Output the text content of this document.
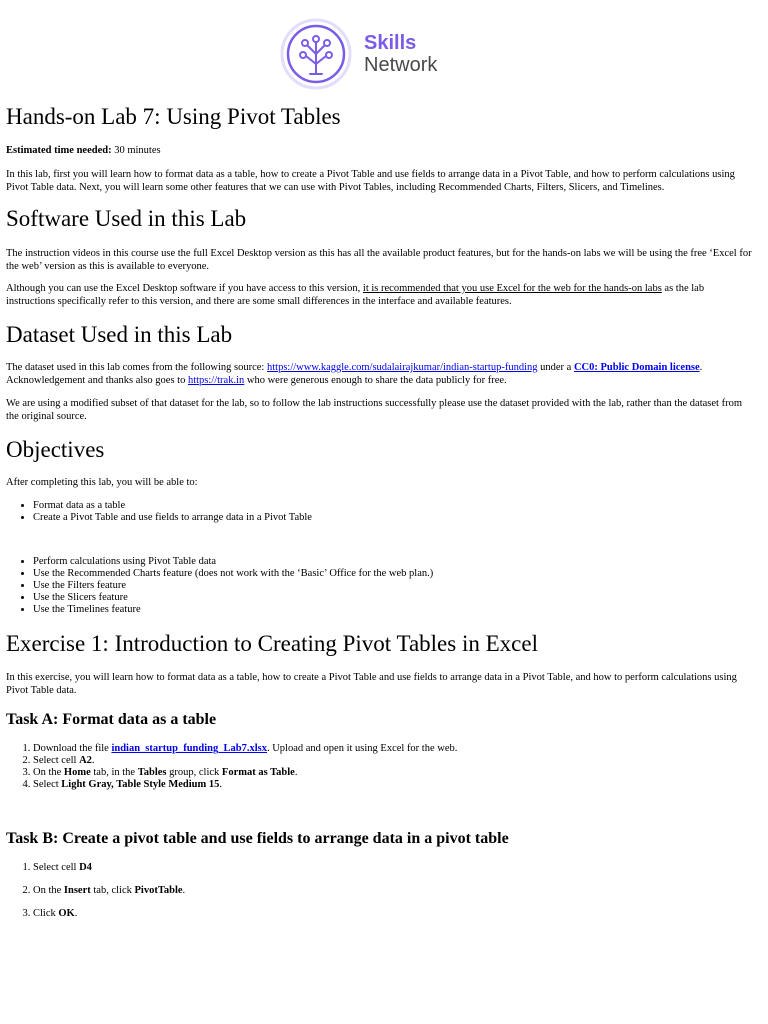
Skills
Network
Hands-on Lab 7: Using Pivot Tables

Estimated time needed: 30 minutes

In this lab, first you will learn how to format data as a table, how to create a Pivot Table and use fields to arrange data in a Pivot Table, and how to perform calculations using Pivot Table data. Next, you will learn some other features that we can use with Pivot Tables, including Recommended Charts, Filters, Slicers, and Timelines.

Software Used in this Lab

The instruction videos in this course use the full Excel Desktop version as this has all the available product features, but for the hands-on labs we will be using the free ‘Excel for the web’ version as this is available to everyone.

Although you can use the Excel Desktop software if you have access to this version, it is recommended that you use Excel for the web for the hands-on labs as the lab instructions specifically refer to this version, and there are some small differences in the interface and available features.

Dataset Used in this Lab

The dataset used in this lab comes from the following source: https://www.kaggle.com/sudalairajkumar/indian-startup-funding under a CC0: Public Domain license. Acknowledgement and thanks also goes to https://trak.in who were generous enough to share the data publicly for free.

We are using a modified subset of that dataset for the lab, so to follow the lab instructions successfully please use the dataset provided with the lab, rather than the dataset from the original source.

Objectives

After completing this lab, you will be able to:

• Format data as a table
• Create a Pivot Table and use fields to arrange data in a Pivot Table
• Perform calculations using Pivot Table data
• Use the Recommended Charts feature (does not work with the ‘Basic’ Office for the web plan.)
• Use the Filters feature
• Use the Slicers feature
• Use the Timelines feature
Exercise 1: Introduction to Creating Pivot Tables in Excel

In this exercise, you will learn how to format data as a table, how to create a Pivot Table and use fields to arrange data in a Pivot Table, and how to perform calculations using Pivot Table data.

Task A: Format data as a table
1. Download the file indian_startup_funding_Lab7.xlsx. Upload and open it using Excel for the web.
2. Select cell A2.
3. On the Home tab, in the Tables group, click Format as Table.
4. Select Light Gray, Table Style Medium 15.
Task B: Create a pivot table and use fields to arrange data in a pivot table
1. Select cell D4
2. On the Insert tab, click PivotTable.
3. Click OK.
